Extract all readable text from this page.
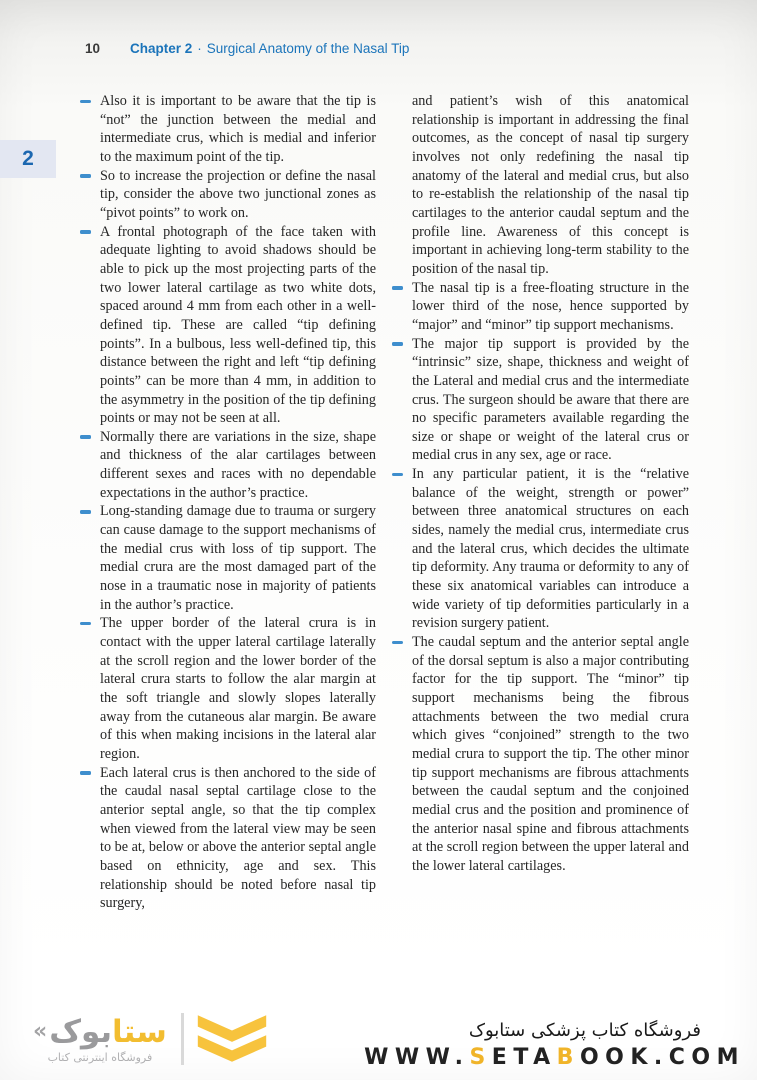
10 Chapter 2 · Surgical Anatomy of the Nasal Tip
2

Also it is important to be aware that the tip is “not” the junction between the medial and intermediate crus, which is medial and inferior to the maximum point of the tip.

So to increase the projection or define the nasal tip, consider the above two junctional zones as “pivot points” to work on.

A frontal photograph of the face taken with adequate lighting to avoid shadows should be able to pick up the most projecting parts of the two lower lateral cartilage as two white dots, spaced around 4 mm from each other in a well-defined tip. These are called “tip defining points”. In a bulbous, less well-defined tip, this distance between the right and left “tip defining points” can be more than 4 mm, in addition to the asymmetry in the position of the tip defining points or may not be seen at all.

Normally there are variations in the size, shape and thickness of the alar cartilages between different sexes and races with no dependable expectations in the author’s practice.

Long-standing damage due to trauma or surgery can cause damage to the support mechanisms of the medial crus with loss of tip support. The medial crura are the most damaged part of the nose in a traumatic nose in majority of patients in the author’s practice.

The upper border of the lateral crura is in contact with the upper lateral cartilage laterally at the scroll region and the lower border of the lateral crura starts to follow the alar margin at the soft triangle and slowly slopes laterally away from the cutaneous alar margin. Be aware of this when making incisions in the lateral alar region.

Each lateral crus is then anchored to the side of the caudal nasal septal cartilage close to the anterior septal angle, so that the tip complex when viewed from the lateral view may be seen to be at, below or above the anterior septal angle based on ethnicity, age and sex. This relationship should be noted before nasal tip surgery,

and patient’s wish of this anatomical relationship is important in addressing the final outcomes, as the concept of nasal tip surgery involves not only redefining the nasal tip anatomy of the lateral and medial crus, but also to re-establish the relationship of the nasal tip cartilages to the anterior caudal septum and the profile line. Awareness of this concept is important in achieving long-term stability to the position of the nasal tip.

The nasal tip is a free-floating structure in the lower third of the nose, hence supported by “major” and “minor” tip support mechanisms.

The major tip support is provided by the “intrinsic” size, shape, thickness and weight of the Lateral and medial crus and the intermediate crus. The surgeon should be aware that there are no specific parameters available regarding the size or shape or weight of the lateral crus or medial crus in any sex, age or race.

In any particular patient, it is the “relative balance of the weight, strength or power” between three anatomical structures on each sides, namely the medial crus, intermediate crus and the lateral crus, which decides the ultimate tip deformity. Any trauma or deformity to any of these six anatomical variables can introduce a wide variety of tip deformities particularly in a revision surgery patient.

The caudal septum and the anterior septal angle of the dorsal septum is also a major contributing factor for the tip support. The “minor” tip support mechanisms being the fibrous attachments between the two medial crura which gives “conjoined” strength to the two medial crura to support the tip. The other minor tip support mechanisms are fibrous attachments between the caudal septum and the conjoined medial crus and the position and prominence of the anterior nasal spine and fibrous attachments at the scroll region between the upper lateral and the lower lateral cartilages.

« بوک ستا
فروشگاه اینترنتی کتاب
فروشگاه کتاب پزشکی ستابوک
WWW.SETABOOK.COM
